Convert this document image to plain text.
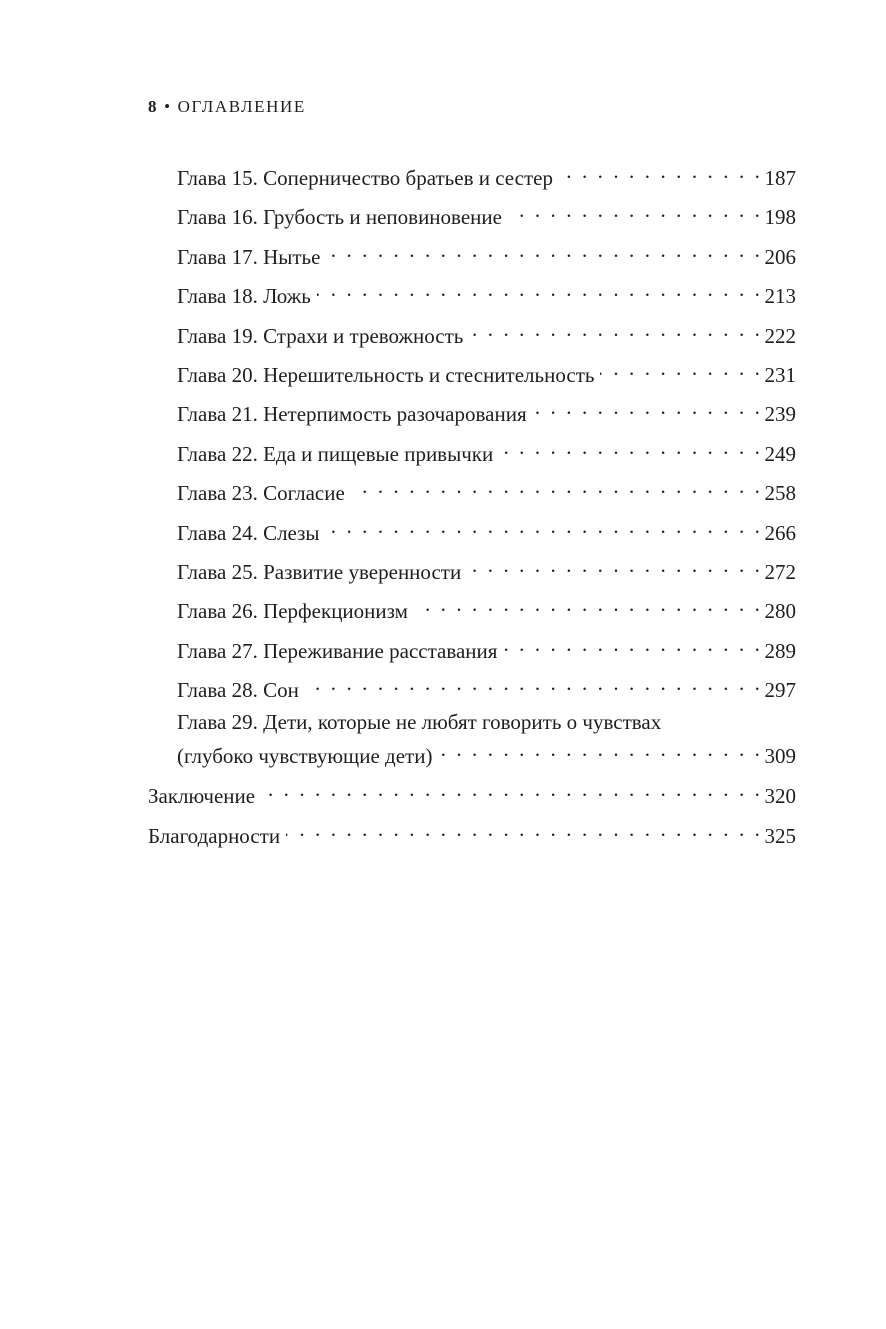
8 • ОГЛАВЛЕНИЕ
Глава 15. Соперничество братьев и сестер . . .	187
Глава 16. Грубость и неповиновение . . .	198
Глава 17. Нытье . . .	206
Глава 18. Ложь . . .	213
Глава 19. Страхи и тревожность . . .	222
Глава 20. Нерешительность и стеснительность . . .	231
Глава 21. Нетерпимость разочарования . . .	239
Глава 22. Еда и пищевые привычки . . .	249
Глава 23. Согласие . . .	258
Глава 24. Слезы . . .	266
Глава 25. Развитие уверенности . . .	272
Глава 26. Перфекционизм . . .	280
Глава 27. Переживание расставания . . .	289
Глава 28. Сон . . .	297
Глава 29. Дети, которые не любят говорить о чувствах
(глубоко чувствующие дети) . . .	309
Заключение . . .	320
Благодарности . . .	325
